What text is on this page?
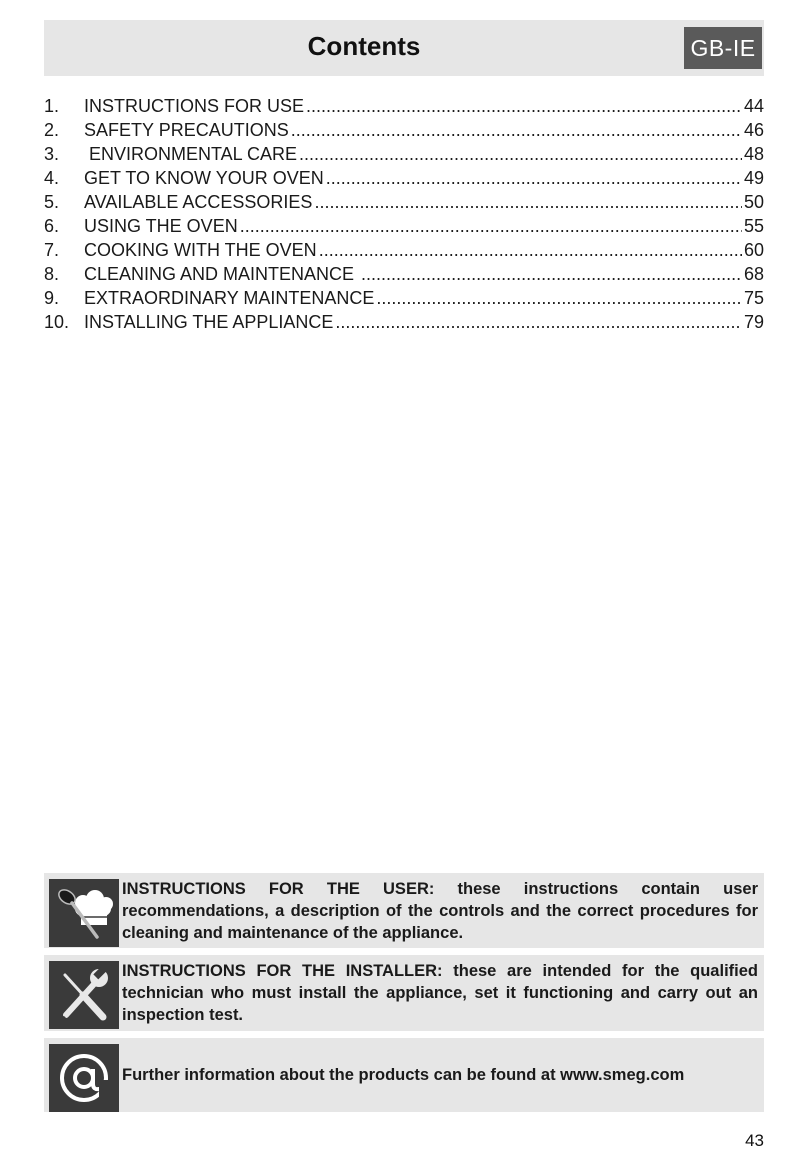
Contents	GB-IE
1.	INSTRUCTIONS FOR USE .....	44
2.	SAFETY PRECAUTIONS .....	46
3.	ENVIRONMENTAL CARE .....	48
4.	GET TO KNOW YOUR OVEN .....	49
5.	AVAILABLE ACCESSORIES .....	50
6.	USING THE OVEN .....	55
7.	COOKING WITH THE OVEN .....	60
8.	CLEANING AND MAINTENANCE .....	68
9.	EXTRAORDINARY MAINTENANCE .....	75
10. INSTALLING THE APPLIANCE .....	79

INSTRUCTIONS FOR THE USER: these instructions contain user recommendations, a description of the controls and the correct procedures for cleaning and maintenance of the appliance.

INSTRUCTIONS FOR THE INSTALLER: these are intended for the qualified technician who must install the appliance, set it functioning and carry out an inspection test.

Further information about the products can be found at www.smeg.com

43
